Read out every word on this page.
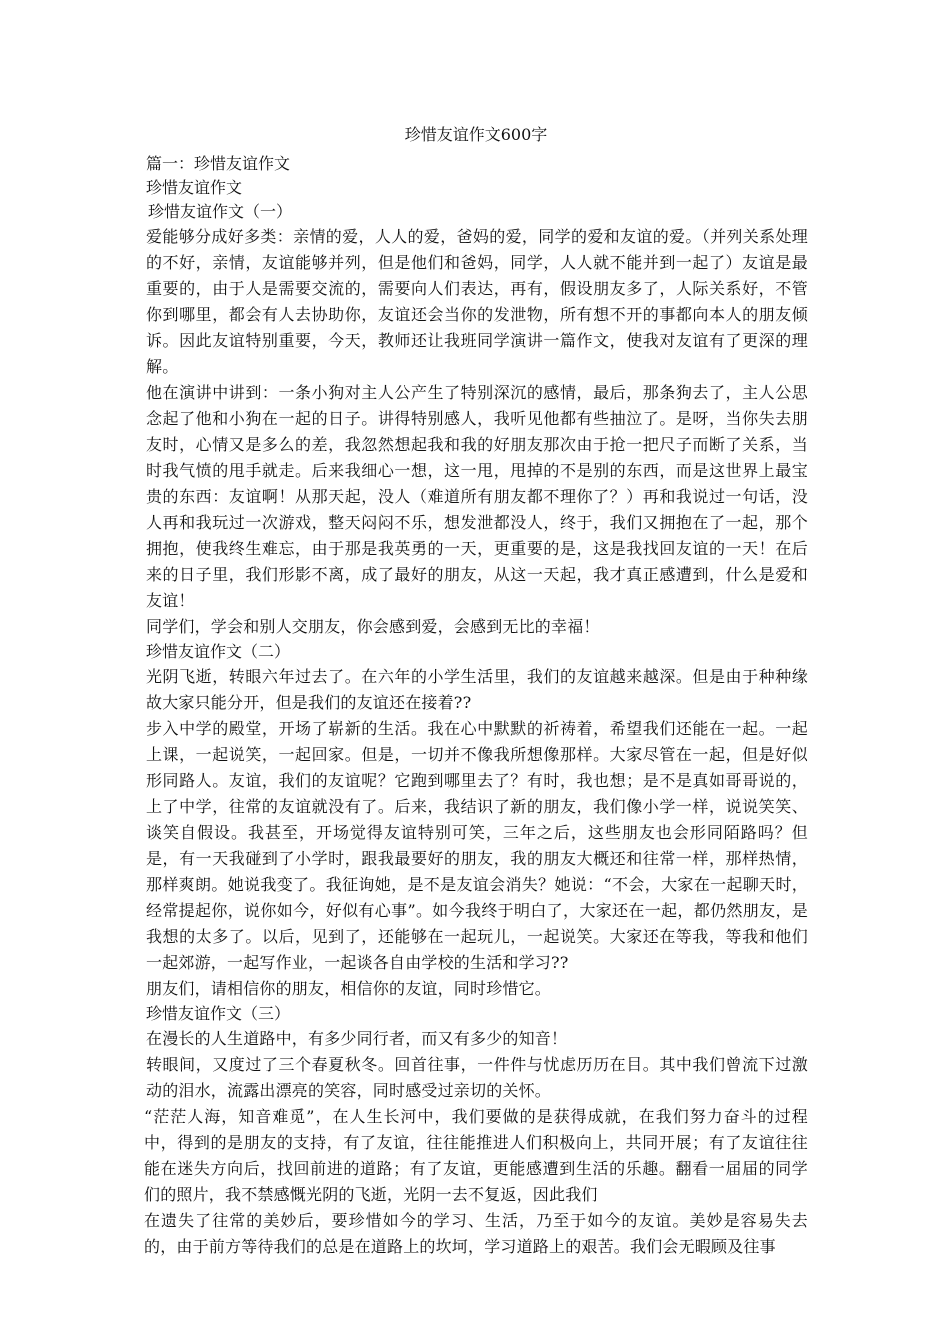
珍惜友谊作文600字

篇一：珍惜友谊作文

珍惜友谊作文

珍惜友谊作文（一）

爱能够分成好多类：亲情的爱，人人的爱，爸妈的爱，同学的爱和友谊的爱。（并列关系处理的不好，亲情，友谊能够并列，但是他们和爸妈，同学，人人就不能并到一起了）友谊是最重要的，由于人是需要交流的，需要向人们表达，再有，假设朋友多了，人际关系好，不管你到哪里，都会有人去协助你，友谊还会当你的发泄物，所有想不开的事都向本人的朋友倾诉。因此友谊特别重要，今天，教师还让我班同学演讲一篇作文，使我对友谊有了更深的理解。

他在演讲中讲到：一条小狗对主人公产生了特别深沉的感情，最后，那条狗去了，主人公思念起了他和小狗在一起的日子。讲得特别感人，我听见他都有些抽泣了。是呀，当你失去朋友时，心情又是多么的差，我忽然想起我和我的好朋友那次由于抢一把尺子而断了关系，当时我气愤的甩手就走。后来我细心一想，这一甩，甩掉的不是别的东西，而是这世界上最宝贵的东西：友谊啊！从那天起，没人（难道所有朋友都不理你了？）再和我说过一句话，没人再和我玩过一次游戏，整天闷闷不乐，想发泄都没人，终于，我们又拥抱在了一起，那个拥抱，使我终生难忘，由于那是我英勇的一天，更重要的是，这是我找回友谊的一天！在后来的日子里，我们形影不离，成了最好的朋友，从这一天起，我才真正感遭到，什么是爱和友谊！

同学们，学会和别人交朋友，你会感到爱，会感到无比的幸福！

珍惜友谊作文（二）

光阴飞逝，转眼六年过去了。在六年的小学生活里，我们的友谊越来越深。但是由于种种缘故大家只能分开，但是我们的友谊还在接着??

步入中学的殿堂，开场了崭新的生活。我在心中默默的祈祷着，希望我们还能在一起。一起上课，一起说笑，一起回家。但是，一切并不像我所想像那样。大家尽管在一起，但是好似形同路人。友谊，我们的友谊呢？它跑到哪里去了？有时，我也想；是不是真如哥哥说的，上了中学，往常的友谊就没有了。后来，我结识了新的朋友，我们像小学一样，说说笑笑、谈笑自假设。我甚至，开场觉得友谊特别可笑，三年之后，这些朋友也会形同陌路吗？但是，有一天我碰到了小学时，跟我最要好的朋友，我的朋友大概还和往常一样，那样热情，那样爽朗。她说我变了。我征询她，是不是友谊会消失？她说：“不会，大家在一起聊天时，经常提起你，说你如今，好似有心事”。如今我终于明白了，大家还在一起，都仍然朋友，是我想的太多了。以后，见到了，还能够在一起玩儿，一起说笑。大家还在等我，等我和他们一起郊游，一起写作业，一起谈各自由学校的生活和学习??

朋友们，请相信你的朋友，相信你的友谊，同时珍惜它。

珍惜友谊作文（三）

在漫长的人生道路中，有多少同行者，而又有多少的知音！

转眼间，又度过了三个春夏秋冬。回首往事，一件件与忧虑历历在目。其中我们曾流下过激动的泪水，流露出漂亮的笑容，同时感受过亲切的关怀。

“茫茫人海，知音难觅”，在人生长河中，我们要做的是获得成就，在我们努力奋斗的过程中，得到的是朋友的支持，有了友谊，往往能推进人们积极向上，共同开展；有了友谊往往能在迷失方向后，找回前进的道路；有了友谊，更能感遭到生活的乐趣。翻看一届届的同学们的照片，我不禁感慨光阴的飞逝，光阴一去不复返，因此我们

在遗失了往常的美妙后，要珍惜如今的学习、生活，乃至于如今的友谊。美妙是容易失去的，由于前方等待我们的总是在道路上的坎坷，学习道路上的艰苦。我们会无暇顾及往事
